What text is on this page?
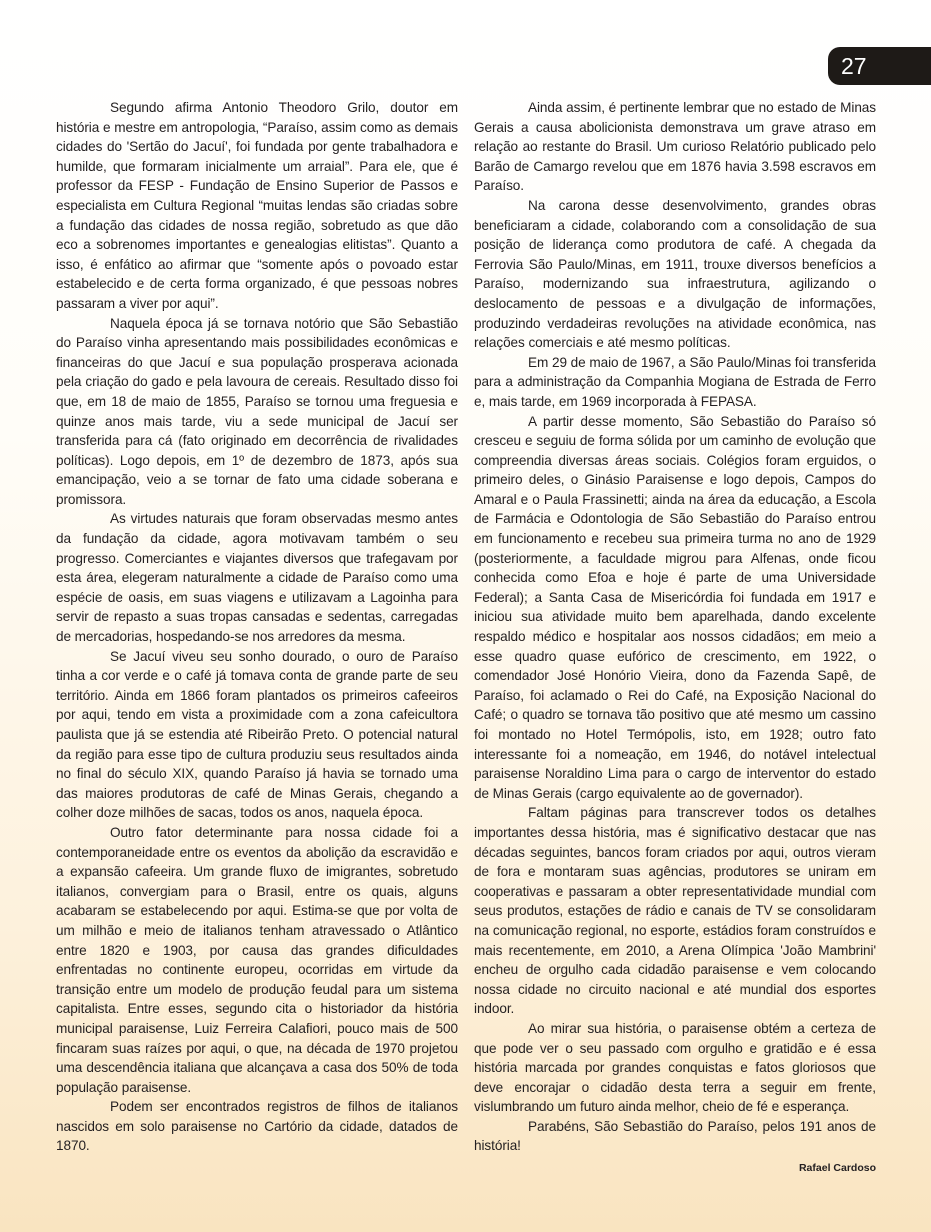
27

Segundo afirma Antonio Theodoro Grilo, doutor em história e mestre em antropologia, “Paraíso, assim como as demais cidades do 'Sertão do Jacuí', foi fundada por gente trabalhadora e humilde, que formaram inicialmente um arraial”. Para ele, que é professor da FESP - Fundação de Ensino Superior de Passos e especialista em Cultura Regional “muitas lendas são criadas sobre a fundação das cidades de nossa região, sobretudo as que dão eco a sobrenomes importantes e genealogias elitistas”. Quanto a isso, é enfático ao afirmar que “somente após o povoado estar estabelecido e de certa forma organizado, é que pessoas nobres passaram a viver por aqui”.

Naquela época já se tornava notório que São Sebastião do Paraíso vinha apresentando mais possibilidades econômicas e financeiras do que Jacuí e sua população prosperava acionada pela criação do gado e pela lavoura de cereais. Resultado disso foi que, em 18 de maio de 1855, Paraíso se tornou uma freguesia e quinze anos mais tarde, viu a sede municipal de Jacuí ser transferida para cá (fato originado em decorrência de rivalidades políticas). Logo depois, em 1º de dezembro de 1873, após sua emancipação, veio a se tornar de fato uma cidade soberana e promissora.

As virtudes naturais que foram observadas mesmo antes da fundação da cidade, agora motivavam também o seu progresso. Comerciantes e viajantes diversos que trafegavam por esta área, elegeram naturalmente a cidade de Paraíso como uma espécie de oasis, em suas viagens e utilizavam a Lagoinha para servir de repasto a suas tropas cansadas e sedentas, carregadas de mercadorias, hospedando-se nos arredores da mesma.

Se Jacuí viveu seu sonho dourado, o ouro de Paraíso tinha a cor verde e o café já tomava conta de grande parte de seu território. Ainda em 1866 foram plantados os primeiros cafeeiros por aqui, tendo em vista a proximidade com a zona cafeicultora paulista que já se estendia até Ribeirão Preto. O potencial natural da região para esse tipo de cultura produziu seus resultados ainda no final do século XIX, quando Paraíso já havia se tornado uma das maiores produtoras de café de Minas Gerais, chegando a colher doze milhões de sacas, todos os anos, naquela época.

Outro fator determinante para nossa cidade foi a contemporaneidade entre os eventos da abolição da escravidão e a expansão cafeeira. Um grande fluxo de imigrantes, sobretudo italianos, convergiam para o Brasil, entre os quais, alguns acabaram se estabelecendo por aqui. Estima-se que por volta de um milhão e meio de italianos tenham atravessado o Atlântico entre 1820 e 1903, por causa das grandes dificuldades enfrentadas no continente europeu, ocorridas em virtude da transição entre um modelo de produção feudal para um sistema capitalista. Entre esses, segundo cita o historiador da história municipal paraisense, Luiz Ferreira Calafiori, pouco mais de 500 fincaram suas raízes por aqui, o que, na década de 1970 projetou uma descendência italiana que alcançava a casa dos 50% de toda população paraisense.

Podem ser encontrados registros de filhos de italianos nascidos em solo paraisense no Cartório da cidade, datados de 1870.

Ainda assim, é pertinente lembrar que no estado de Minas Gerais a causa abolicionista demonstrava um grave atraso em relação ao restante do Brasil. Um curioso Relatório publicado pelo Barão de Camargo revelou que em 1876 havia 3.598 escravos em Paraíso.

Na carona desse desenvolvimento, grandes obras beneficiaram a cidade, colaborando com a consolidação de sua posição de liderança como produtora de café. A chegada da Ferrovia São Paulo/Minas, em 1911, trouxe diversos benefícios a Paraíso, modernizando sua infraestrutura, agilizando o deslocamento de pessoas e a divulgação de informações, produzindo verdadeiras revoluções na atividade econômica, nas relações comerciais e até mesmo políticas.

Em 29 de maio de 1967, a São Paulo/Minas foi transferida para a administração da Companhia Mogiana de Estrada de Ferro e, mais tarde, em 1969 incorporada à FEPASA.

A partir desse momento, São Sebastião do Paraíso só cresceu e seguiu de forma sólida por um caminho de evolução que compreendia diversas áreas sociais. Colégios foram erguidos, o primeiro deles, o Ginásio Paraisense e logo depois, Campos do Amaral e o Paula Frassinetti; ainda na área da educação, a Escola de Farmácia e Odontologia de São Sebastião do Paraíso entrou em funcionamento e recebeu sua primeira turma no ano de 1929 (posteriormente, a faculdade migrou para Alfenas, onde ficou conhecida como Efoa e hoje é parte de uma Universidade Federal); a Santa Casa de Misericórdia foi fundada em 1917 e iniciou sua atividade muito bem aparelhada, dando excelente respaldo médico e hospitalar aos nossos cidadãos; em meio a esse quadro quase eufórico de crescimento, em 1922, o comendador José Honório Vieira, dono da Fazenda Sapê, de Paraíso, foi aclamado o Rei do Café, na Exposição Nacional do Café; o quadro se tornava tão positivo que até mesmo um cassino foi montado no Hotel Termópolis, isto, em 1928; outro fato interessante foi a nomeação, em 1946, do notável intelectual paraisense Noraldino Lima para o cargo de interventor do estado de Minas Gerais (cargo equivalente ao de governador).

Faltam páginas para transcrever todos os detalhes importantes dessa história, mas é significativo destacar que nas décadas seguintes, bancos foram criados por aqui, outros vieram de fora e montaram suas agências, produtores se uniram em cooperativas e passaram a obter representatividade mundial com seus produtos, estações de rádio e canais de TV se consolidaram na comunicação regional, no esporte, estádios foram construídos e mais recentemente, em 2010, a Arena Olímpica 'João Mambrini' encheu de orgulho cada cidadão paraisense e vem colocando nossa cidade no circuito nacional e até mundial dos esportes indoor.

Ao mirar sua história, o paraisense obtém a certeza de que pode ver o seu passado com orgulho e gratidão e é essa história marcada por grandes conquistas e fatos gloriosos que deve encorajar o cidadão desta terra a seguir em frente, vislumbrando um futuro ainda melhor, cheio de fé e esperança.

Parabéns, São Sebastião do Paraíso, pelos 191 anos de história!

Rafael Cardoso
